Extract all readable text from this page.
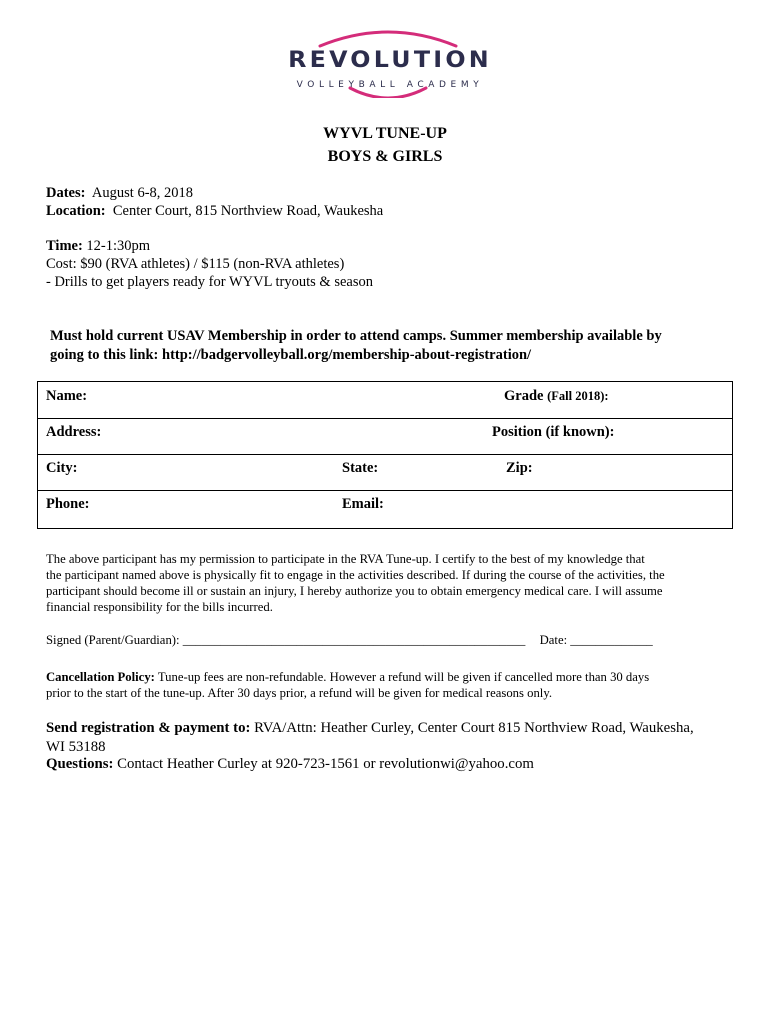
REVOLUTION
VOLLEYBALL ACADEMY
WYVL TUNE-UP
BOYS & GIRLS
Dates: August 6-8, 2018
Location: Center Court, 815 Northview Road, Waukesha
Time: 12-1:30pm
Cost: $90 (RVA athletes) / $115 (non-RVA athletes)
- Drills to get players ready for WYVL tryouts & season
Must hold current USAV Membership in order to attend camps. Summer membership available by
going to this link: http://badgervolleyball.org/membership-about-registration/
Name:	Grade (Fall 2018):
Address:	Position (if known):
City:	State:	Zip:
Phone:	Email:
The above participant has my permission to participate in the RVA Tune-up. I certify to the best of my knowledge that
the participant named above is physically fit to engage in the activities described. If during the course of the activities, the
participant should become ill or sustain an injury, I hereby authorize you to obtain emergency medical care. I will assume
financial responsibility for the bills incurred.
Signed (Parent/Guardian): ______________________________________________________ Date: _____________
Cancellation Policy: Tune-up fees are non-refundable. However a refund will be given if cancelled more than 30 days
prior to the start of the tune-up. After 30 days prior, a refund will be given for medical reasons only.
Send registration & payment to: RVA/Attn: Heather Curley, Center Court 815 Northview Road, Waukesha,
WI 53188
Questions: Contact Heather Curley at 920-723-1561 or revolutionwi@yahoo.com
